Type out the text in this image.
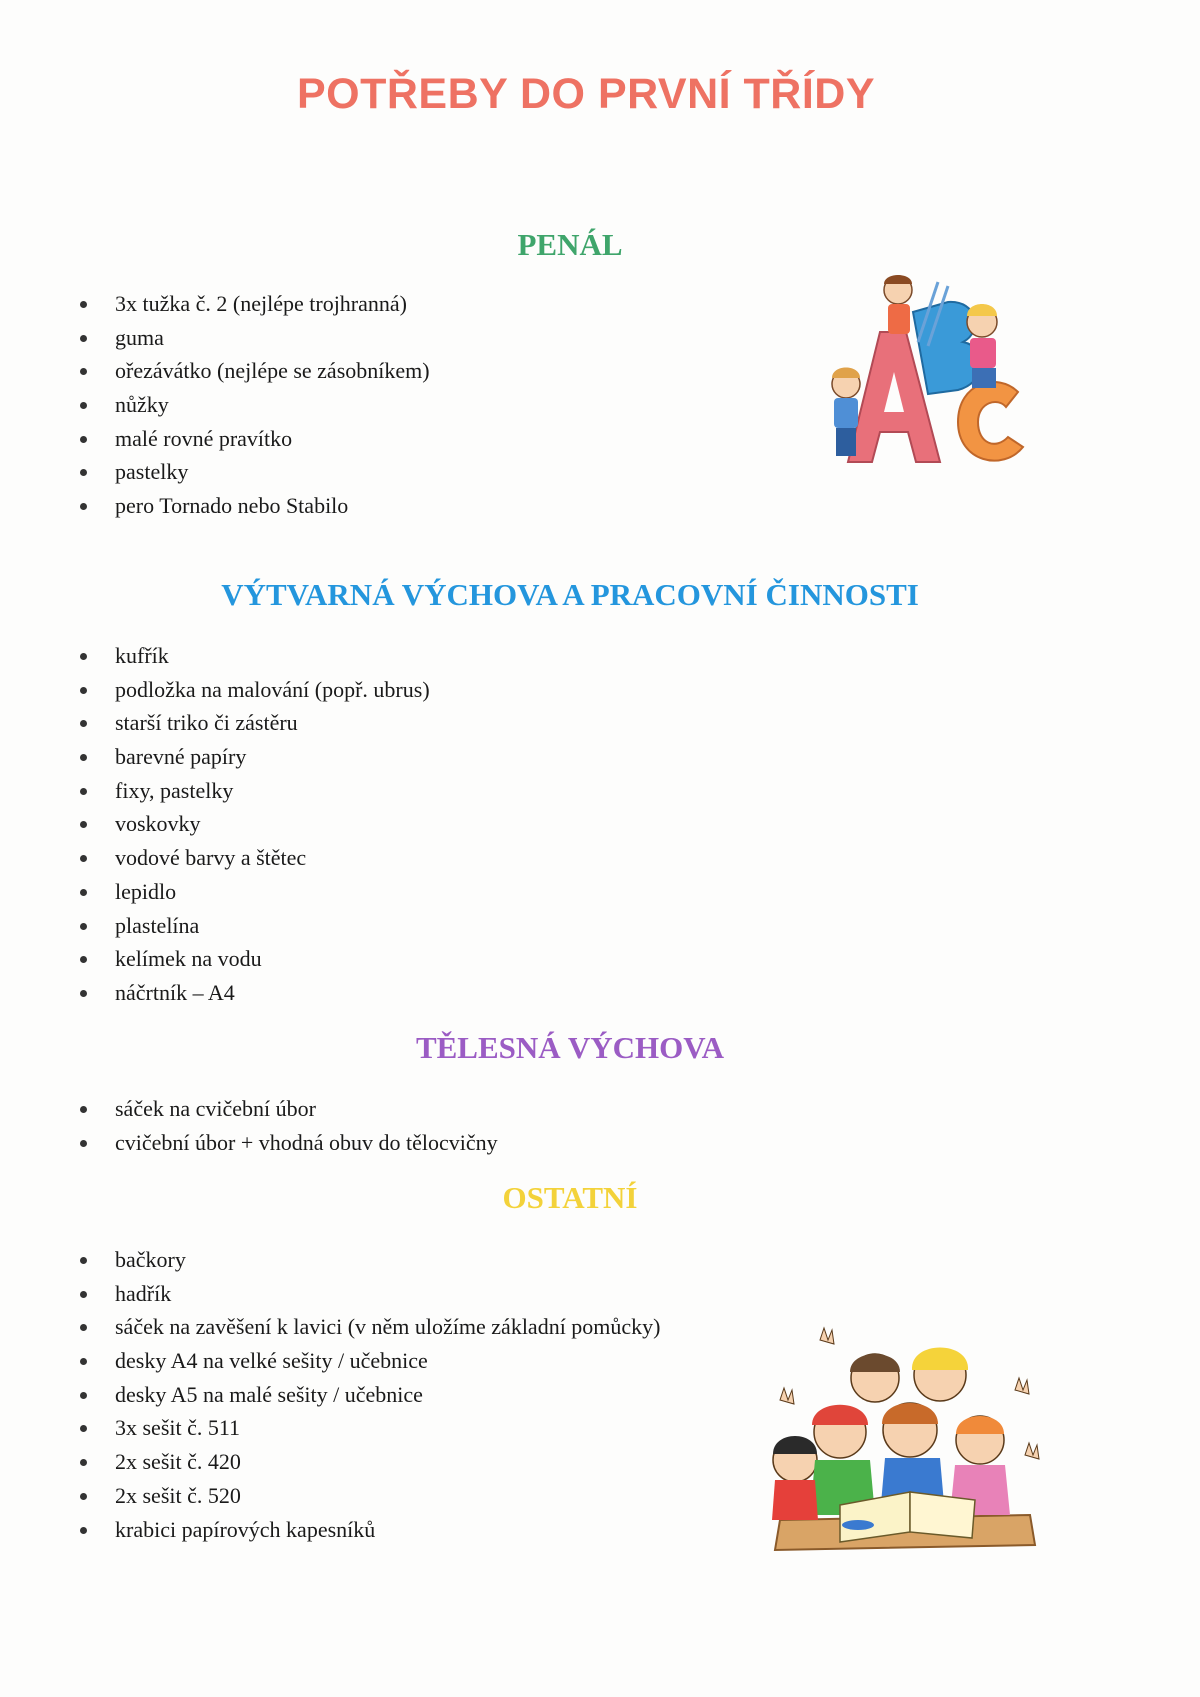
POTŘEBY DO PRVNÍ TŘÍDY
PENÁL
3x tužka č. 2 (nejlépe trojhranná)
guma
ořezávátko (nejlépe se zásobníkem)
nůžky
malé rovné pravítko
pastelky
pero Tornado nebo Stabilo
VÝTVARNÁ VÝCHOVA A PRACOVNÍ ČINNOSTI
kufřík
podložka na malování (popř. ubrus)
starší triko či zástěru
barevné papíry
fixy, pastelky
voskovky
vodové barvy a štětec
lepidlo
plastelína
kelímek na vodu
náčrtník – A4
TĚLESNÁ VÝCHOVA
sáček na cvičební úbor
cvičební úbor + vhodná obuv do tělocvičny
OSTATNÍ
bačkory
hadřík
sáček na zavěšení k lavici (v něm uložíme základní pomůcky)
desky A4 na velké sešity / učebnice
desky A5 na malé sešity / učebnice
3x sešit č. 511
2x sešit č. 420
2x sešit č. 520
krabici papírových kapesníků
